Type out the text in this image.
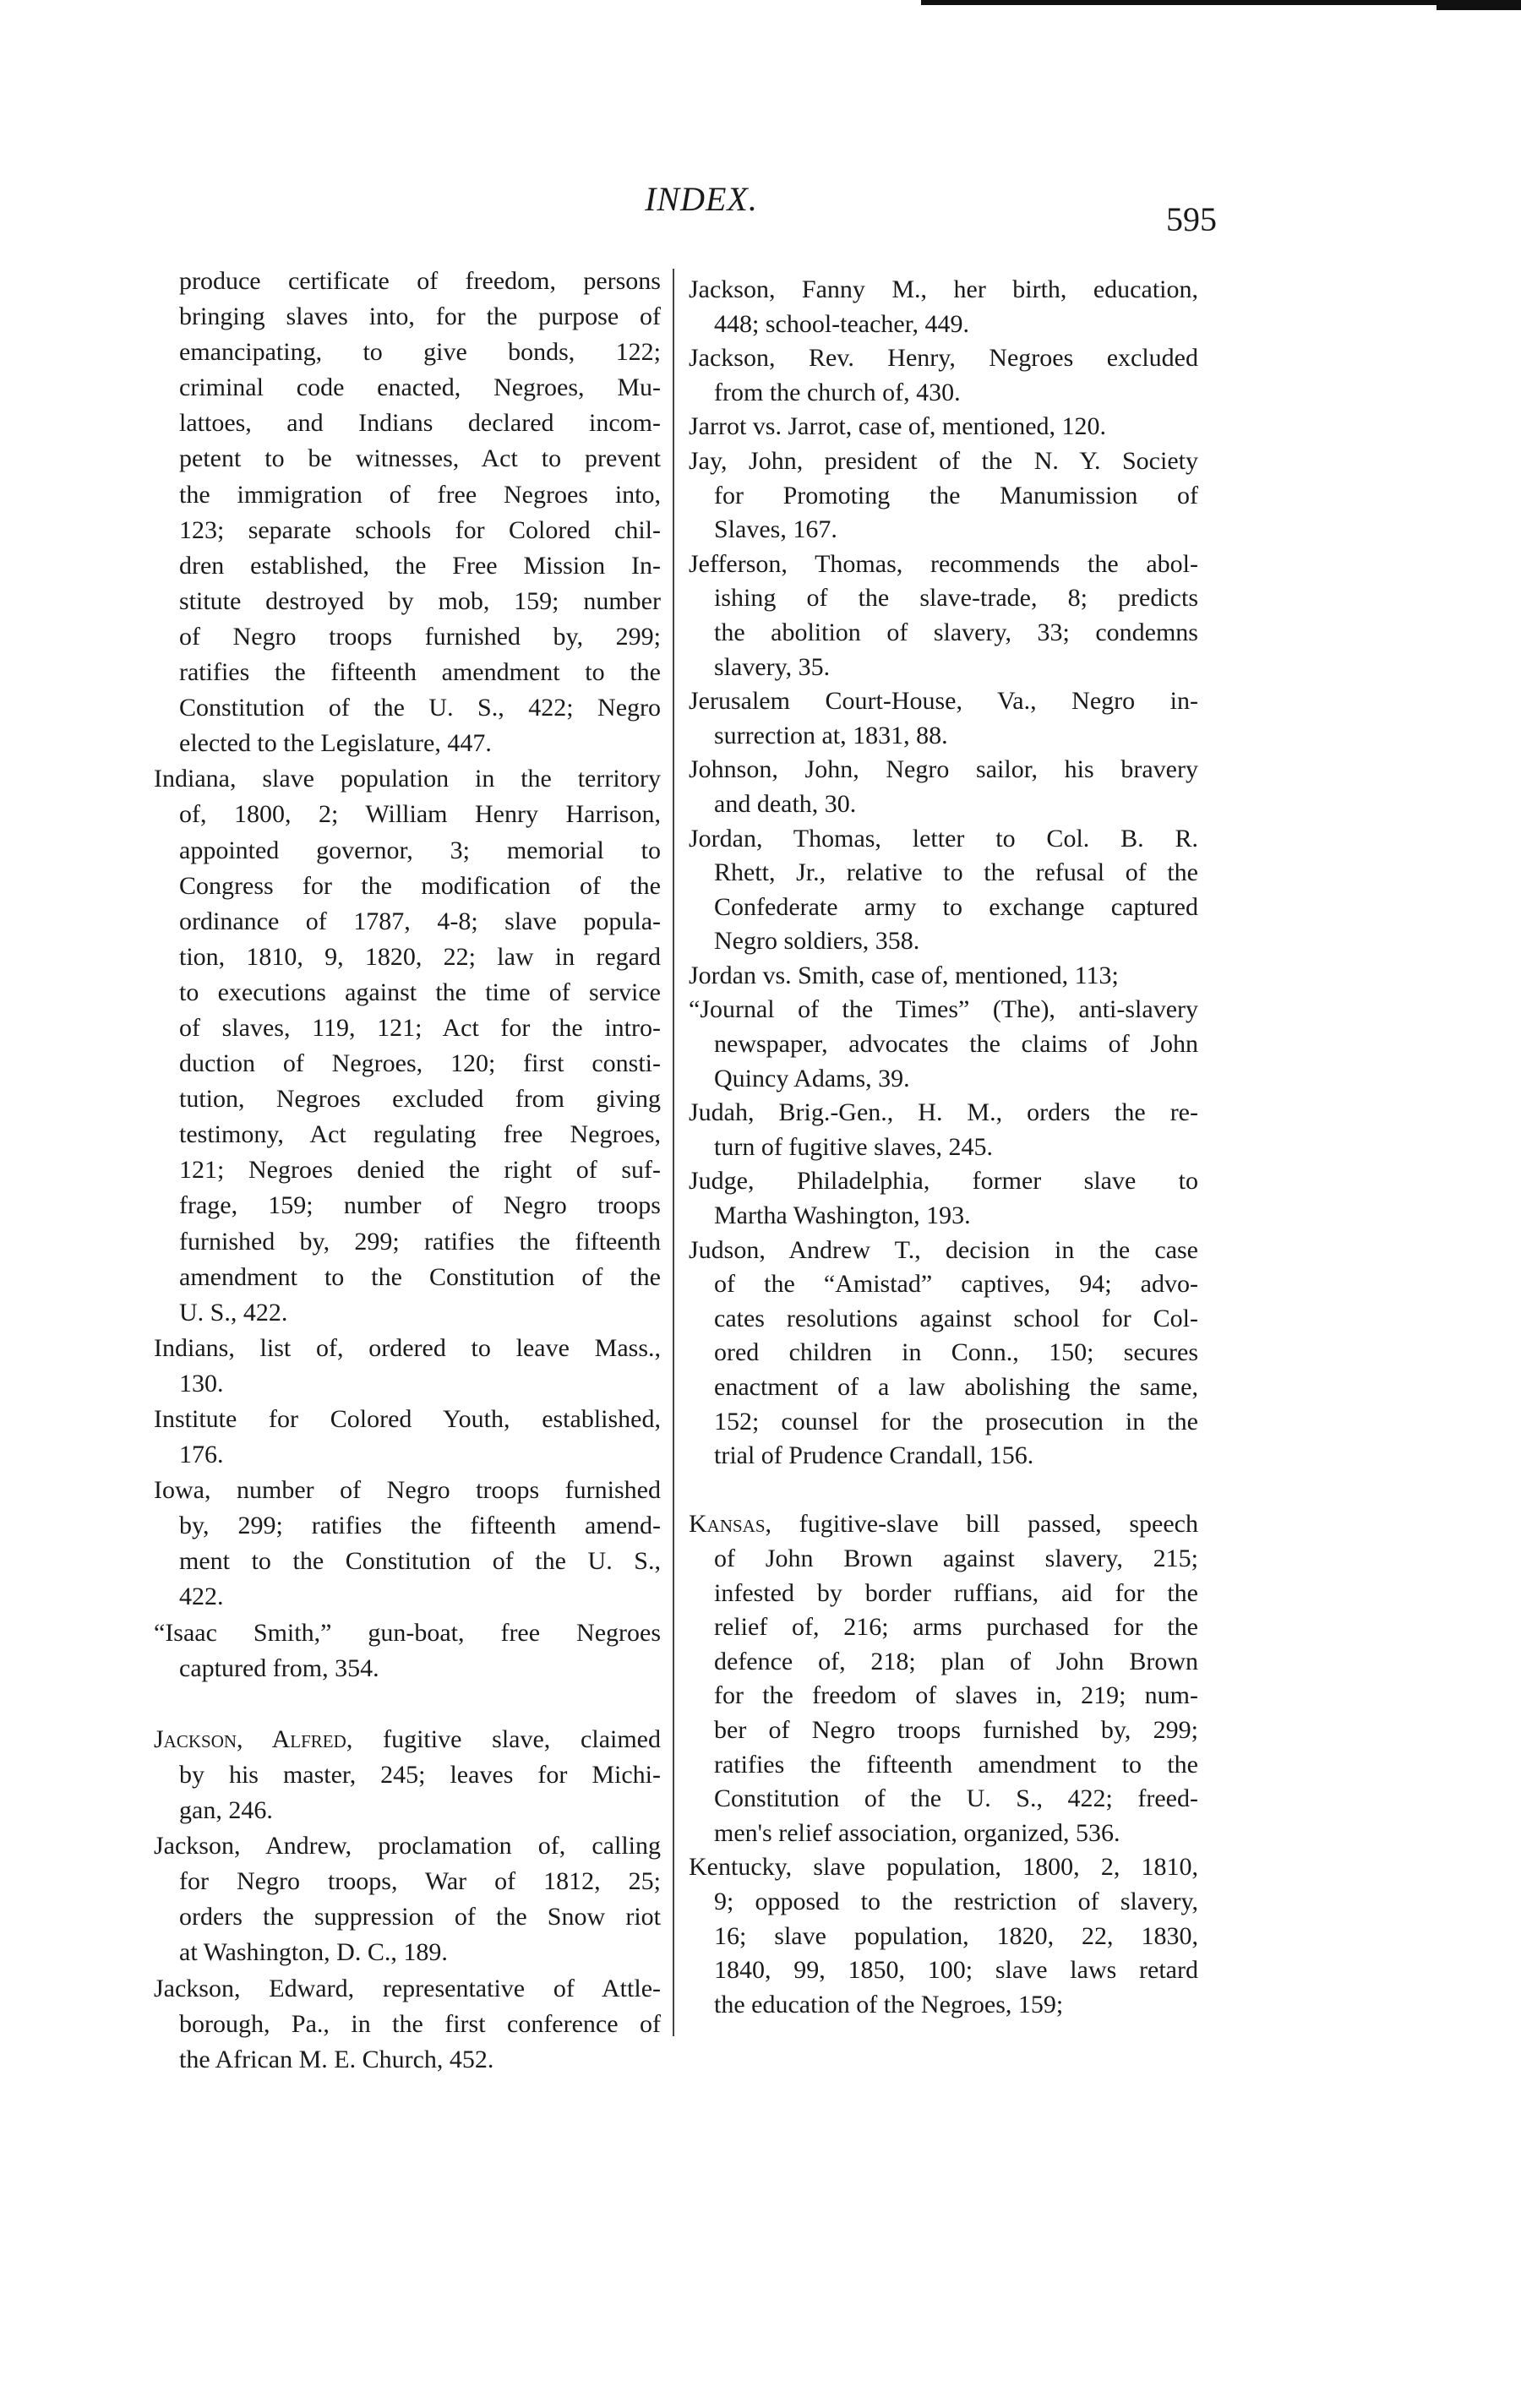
INDEX.
595
produce certificate of freedom, persons
bringing slaves into, for the purpose of
emancipating, to give bonds, 122;
criminal code enacted, Negroes, Mu-
lattoes, and Indians declared incom-
petent to be witnesses, Act to prevent
the immigration of free Negroes into,
123; separate schools for Colored chil-
dren established, the Free Mission In-
stitute destroyed by mob, 159; number
of Negro troops furnished by, 299;
ratifies the fifteenth amendment to the
Constitution of the U. S., 422; Negro
elected to the Legislature, 447.
Indiana, slave population in the territory
of, 1800, 2; William Henry Harrison,
appointed governor, 3; memorial to
Congress for the modification of the
ordinance of 1787, 4-8; slave popula-
tion, 1810, 9, 1820, 22; law in regard
to executions against the time of service
of slaves, 119, 121; Act for the intro-
duction of Negroes, 120; first consti-
tution, Negroes excluded from giving
testimony, Act regulating free Negroes,
121; Negroes denied the right of suf-
frage, 159; number of Negro troops
furnished by, 299; ratifies the fifteenth
amendment to the Constitution of the
U. S., 422.
Indians, list of, ordered to leave Mass.,
130.
Institute for Colored Youth, established,
176.
Iowa, number of Negro troops furnished
by, 299; ratifies the fifteenth amend-
ment to the Constitution of the U. S.,
422.
“Isaac Smith,” gun-boat, free Negroes
captured from, 354.
Jackson, Alfred, fugitive slave, claimed
by his master, 245; leaves for Michi-
gan, 246.
Jackson, Andrew, proclamation of, calling
for Negro troops, War of 1812, 25;
orders the suppression of the Snow riot
at Washington, D. C., 189.
Jackson, Edward, representative of Attle-
borough, Pa., in the first conference of
the African M. E. Church, 452.
Jackson, Fanny M., her birth, education,
448; school-teacher, 449.
Jackson, Rev. Henry, Negroes excluded
from the church of, 430.
Jarrot vs. Jarrot, case of, mentioned, 120.
Jay, John, president of the N. Y. Society
for Promoting the Manumission of
Slaves, 167.
Jefferson, Thomas, recommends the abol-
ishing of the slave-trade, 8; predicts
the abolition of slavery, 33; condemns
slavery, 35.
Jerusalem Court-House, Va., Negro in-
surrection at, 1831, 88.
Johnson, John, Negro sailor, his bravery
and death, 30.
Jordan, Thomas, letter to Col. B. R.
Rhett, Jr., relative to the refusal of the
Confederate army to exchange captured
Negro soldiers, 358.
Jordan vs. Smith, case of, mentioned, 113;
“Journal of the Times” (The), anti-slavery
newspaper, advocates the claims of John
Quincy Adams, 39.
Judah, Brig.-Gen., H. M., orders the re-
turn of fugitive slaves, 245.
Judge, Philadelphia, former slave to
Martha Washington, 193.
Judson, Andrew T., decision in the case
of the “Amistad” captives, 94; advo-
cates resolutions against school for Col-
ored children in Conn., 150; secures
enactment of a law abolishing the same,
152; counsel for the prosecution in the
trial of Prudence Crandall, 156.
Kansas, fugitive-slave bill passed, speech
of John Brown against slavery, 215;
infested by border ruffians, aid for the
relief of, 216; arms purchased for the
defence of, 218; plan of John Brown
for the freedom of slaves in, 219; num-
ber of Negro troops furnished by, 299;
ratifies the fifteenth amendment to the
Constitution of the U. S., 422; freed-
men's relief association, organized, 536.
Kentucky, slave population, 1800, 2, 1810,
9; opposed to the restriction of slavery,
16; slave population, 1820, 22, 1830,
1840, 99, 1850, 100; slave laws retard
the education of the Negroes, 159;
